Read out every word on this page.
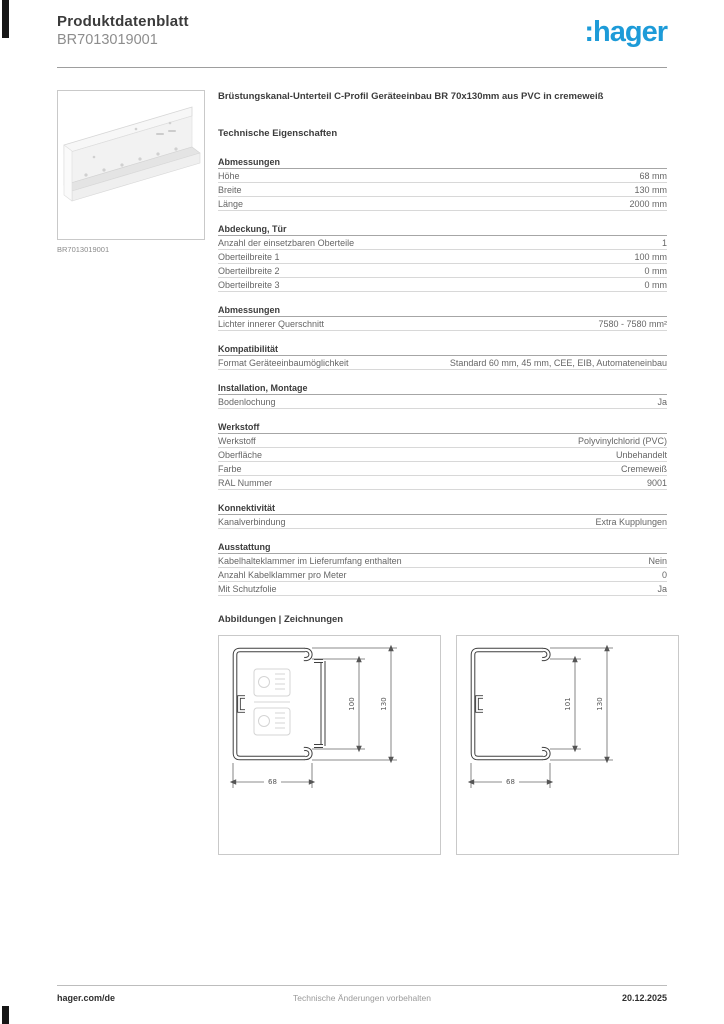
Produktdatenblatt
BR7013019001	:hager
BR7013019001
Brüstungskanal-Unterteil C-Profil Geräteeinbau BR 70x130mm aus PVC in cremeweiß
Technische Eigenschaften
Abmessungen
Höhe	68 mm
Breite	130 mm
Länge	2000 mm
Abdeckung, Tür
Anzahl der einsetzbaren Oberteile	1
Oberteilbreite 1	100 mm
Oberteilbreite 2	0 mm
Oberteilbreite 3	0 mm
Abmessungen
Lichter innerer Querschnitt	7580 - 7580 mm²
Kompatibilität
Format Geräteeinbaumöglichkeit	Standard 60 mm, 45 mm, CEE, EIB, Automateneinbau
Installation, Montage
Bodenlochung	Ja
Werkstoff
Werkstoff	Polyvinylchlorid (PVC)
Oberfläche	Unbehandelt
Farbe	Cremeweiß
RAL Nummer	9001
Konnektivität
Kanalverbindung	Extra Kupplungen
Ausstattung
Kabelhalteklammer im Lieferumfang enthalten	Nein
Anzahl Kabelklammer pro Meter	0
Mit Schutzfolie	Ja
Abbildungen | Zeichnungen
100	130
68
101	130
68
hager.com/de	Technische Änderungen vorbehalten	20.12.2025
